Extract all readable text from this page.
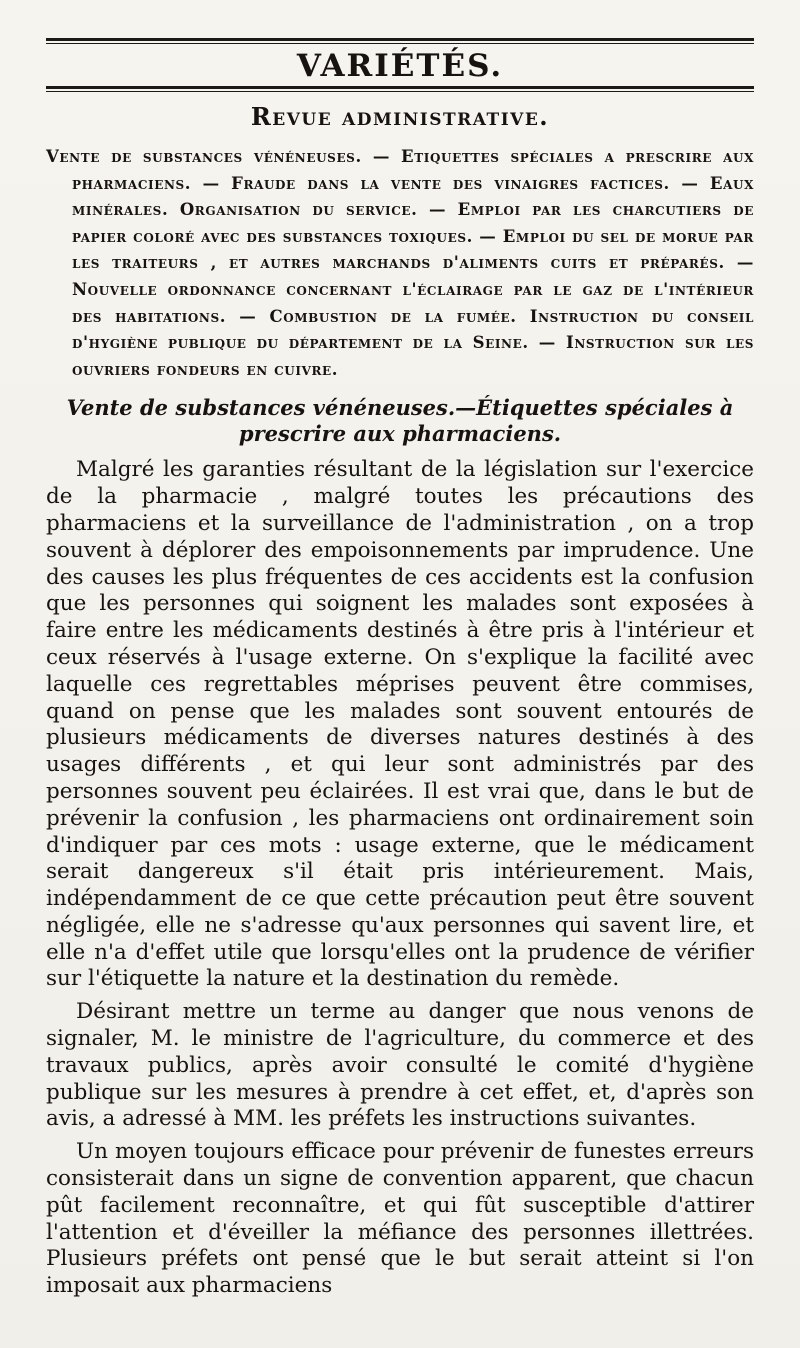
VARIÉTÉS.
Revue administrative.

Vente de substances vénéneuses. — Etiquettes spéciales a prescrire aux pharmaciens. — Fraude dans la vente des vinaigres factices. — Eaux minérales. Organisation du service. — Emploi par les charcutiers de papier coloré avec des substances toxiques. — Emploi du sel de morue par les traiteurs , et autres marchands d'aliments cuits et préparés. — Nouvelle ordonnance concernant l'éclairage par le gaz de l'intérieur des habitations. — Combustion de la fumée. Instruction du conseil d'hygiène publique du département de la Seine. — Instruction sur les ouvriers fondeurs en cuivre.

Vente de substances vénéneuses.—Étiquettes spéciales à prescrire aux pharmaciens.

Malgré les garanties résultant de la législation sur l'exercice de la pharmacie , malgré toutes les précautions des pharmaciens et la surveillance de l'administration , on a trop souvent à déplorer des empoisonnements par imprudence. Une des causes les plus fréquentes de ces accidents est la confusion que les personnes qui soignent les malades sont exposées à faire entre les médicaments destinés à être pris à l'intérieur et ceux réservés à l'usage externe. On s'explique la facilité avec laquelle ces regrettables méprises peuvent être commises, quand on pense que les malades sont souvent entourés de plusieurs médicaments de diverses natures destinés à des usages différents , et qui leur sont administrés par des personnes souvent peu éclairées. Il est vrai que, dans le but de prévenir la confusion , les pharmaciens ont ordinairement soin d'indiquer par ces mots : usage externe, que le médicament serait dangereux s'il était pris intérieurement. Mais, indépendamment de ce que cette précaution peut être souvent négligée, elle ne s'adresse qu'aux personnes qui savent lire, et elle n'a d'effet utile que lorsqu'elles ont la prudence de vérifier sur l'étiquette la nature et la destination du remède.

Désirant mettre un terme au danger que nous venons de signaler, M. le ministre de l'agriculture, du commerce et des travaux publics, après avoir consulté le comité d'hygiène publique sur les mesures à prendre à cet effet, et, d'après son avis, a adressé à MM. les préfets les instructions suivantes.

Un moyen toujours efficace pour prévenir de funestes erreurs consisterait dans un signe de convention apparent, que chacun pût facilement reconnaître, et qui fût susceptible d'attirer l'attention et d'éveiller la méfiance des personnes illettrées. Plusieurs préfets ont pensé que le but serait atteint si l'on imposait aux pharmaciens
